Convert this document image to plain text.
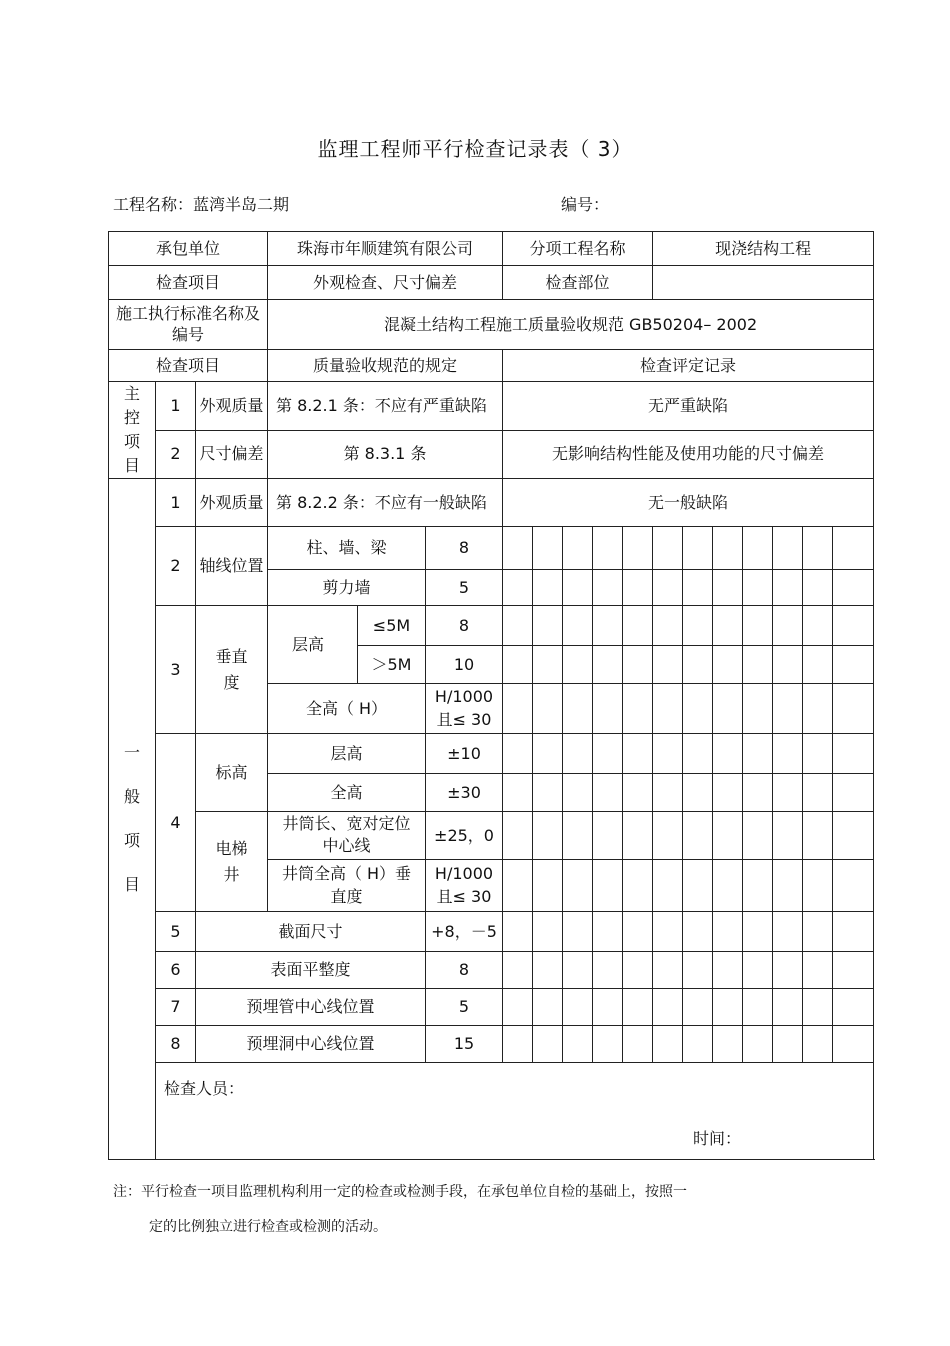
监理工程师平行检查记录表（ 3）
工程名称：蓝湾半岛二期	编号：
承包单位			珠海市年顺建筑有限公司			分项工程名称					现浇结构工程						
检查项目			外观检查、尺寸偏差			检查部位											
施工执行标准名称及编号			混凝土结构工程施工质量验收规范 GB50204– 2002														
检查项目			质量验收规范的规定			检查评定记录											

主
控
项
目	1	外观质量	第 8.2.1 条：不应有严重缺陷			无严重缺陷											
	2	尺寸偏差	第 8.3.1 条			无影响结构性能及使用功能的尺寸偏差											

一
般
项
目	1	外观质量	第 8.2.2 条：不应有一般缺陷			无一般缺陷											
	2	轴线位置	柱、墙、梁		8												
			剪力墙		5												
	3	垂直度	层高	≤5M	8												
				＞5M	10												
			全高（ H）		H/1000且≤ 30												
	4	标高	层高		±10												
			全高		±30												
		电梯井	井筒长、宽对定位中心线		±25，0												
			井筒全高（ H）垂直度		H/1000且≤ 30												
	5	截面尺寸			+8，－5												
	6	表面平整度			8												
	7	预埋管中心线位置			5												
	8	预埋洞中心线位置			15												

	检查人员：
时间：																
注：平行检查一项目监理机构利用一定的检查或检测手段，在承包单位自检的基础上，按照一
定的比例独立进行检查或检测的活动。
